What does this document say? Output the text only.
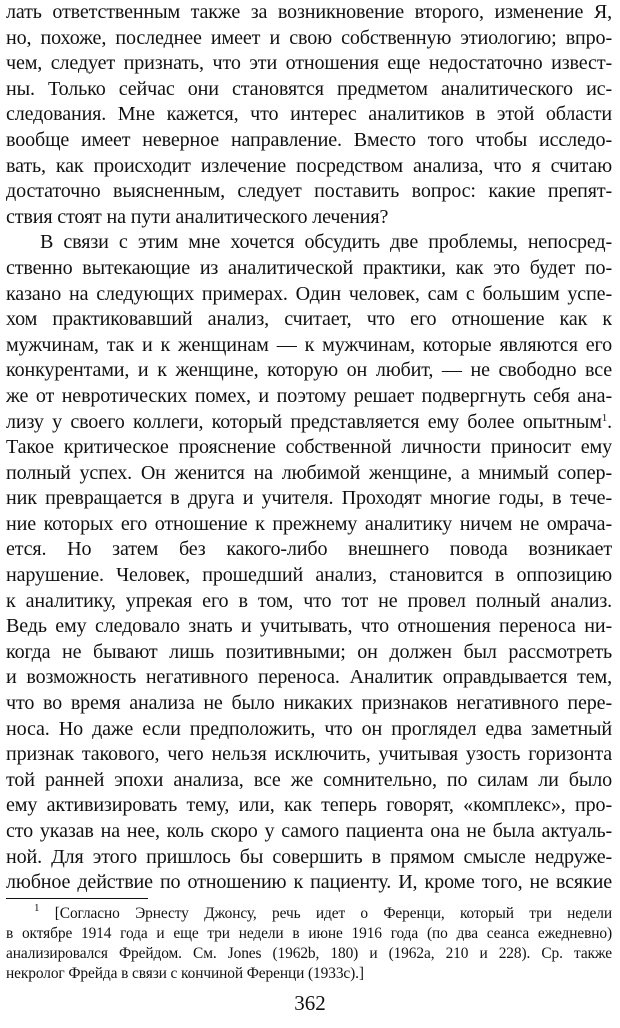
лать ответственным также за возникновение второго, изменение Я,
но, похоже, последнее имеет и свою собственную этиологию; впро-
чем, следует признать, что эти отношения еще недостаточно извест-
ны. Только сейчас они становятся предметом аналитического ис-
следования. Мне кажется, что интерес аналитиков в этой области
вообще имеет неверное направление. Вместо того чтобы исследо-
вать, как происходит излечение посредством анализа, что я считаю
достаточно выясненным, следует поставить вопрос: какие препят-
ствия стоят на пути аналитического лечения?
В связи с этим мне хочется обсудить две проблемы, непосред-
ственно вытекающие из аналитической практики, как это будет по-
казано на следующих примерах. Один человек, сам с большим успе-
хом практиковавший анализ, считает, что его отношение как к
мужчинам, так и к женщинам — к мужчинам, которые являются его
конкурентами, и к женщине, которую он любит, — не свободно все
же от невротических помех, и поэтому решает подвергнуть себя ана-
лизу у своего коллеги, который представляется ему более опытным$^1$.
Такое критическое прояснение собственной личности приносит ему
полный успех. Он женится на любимой женщине, а мнимый сопер-
ник превращается в друга и учителя. Проходят многие годы, в тече-
ние которых его отношение к прежнему аналитику ничем не омрача-
ется. Но затем без какого-либо внешнего повода возникает
нарушение. Человек, прошедший анализ, становится в оппозицию
к аналитику, упрекая его в том, что тот не провел полный анализ.
Ведь ему следовало знать и учитывать, что отношения переноса ни-
когда не бывают лишь позитивными; он должен был рассмотреть
и возможность негативного переноса. Аналитик оправдывается тем,
что во время анализа не было никаких признаков негативного пере-
носа. Но даже если предположить, что он проглядел едва заметный
признак такового, чего нельзя исключить, учитывая узость горизонта
той ранней эпохи анализа, все же сомнительно, по силам ли было
ему активизировать тему, или, как теперь говорят, «комплекс», про-
сто указав на нее, коль скоро у самого пациента она не была актуаль-
ной. Для этого пришлось бы совершить в прямом смысле недруже-
любное действие по отношению к пациенту. И, кроме того, не всякие
$^1$ [Согласно Эрнесту Джонсу, речь идет о Ференци, который три недели
в октябре 1914 года и еще три недели в июне 1916 года (по два сеанса ежедневно)
анализировался Фрейдом. См. Jones (1962b, 180) и (1962a, 210 и 228). Ср. также
некролог Фрейда в связи с кончиной Ференци (1933c).]
362
